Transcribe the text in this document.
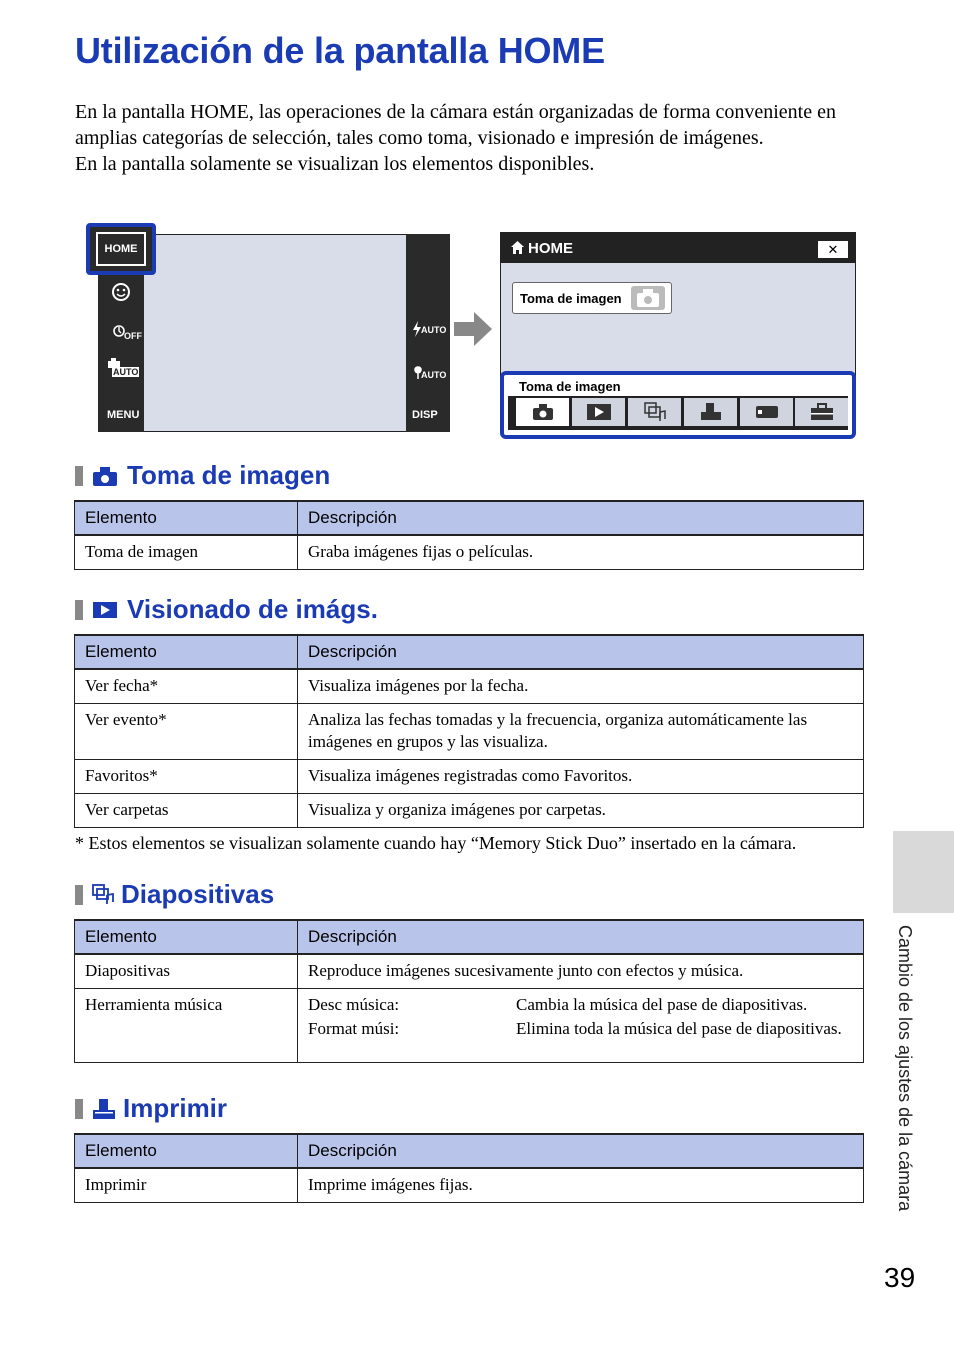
Utilización de la pantalla HOME

En la pantalla HOME, las operaciones de la cámara están organizadas de forma conveniente en amplias categorías de selección, tales como toma, visionado e impresión de imágenes.

En la pantalla solamente se visualizan los elementos disponibles.

HOME
OFF
AUTO
MENU
AUTO
AUTO
DISP
HOME	✕
Toma de imagen
Toma de imagen
Toma de imagen
Elemento	Descripción
Toma de imagen	Graba imágenes fijas o películas.
Visionado de imágs.
Elemento	Descripción
Ver fecha*	Visualiza imágenes por la fecha.
Ver evento*	Analiza las fechas tomadas y la frecuencia, organiza automáticamente las imágenes en grupos y las visualiza.
Favoritos*	Visualiza imágenes registradas como Favoritos.
Ver carpetas	Visualiza y organiza imágenes por carpetas.
* Estos elementos se visualizan solamente cuando hay “Memory Stick Duo” insertado en la cámara.
Diapositivas
Elemento	Descripción
Diapositivas	Reproduce imágenes sucesivamente junto con efectos y música.
Herramienta música	Desc música: Cambia la música del pase de diapositivas.
Format músi: Elimina toda la música del pase de diapositivas.
Imprimir
Elemento	Descripción
Imprimir	Imprime imágenes fijas.	Cambio de los ajustes de la cámara
39
